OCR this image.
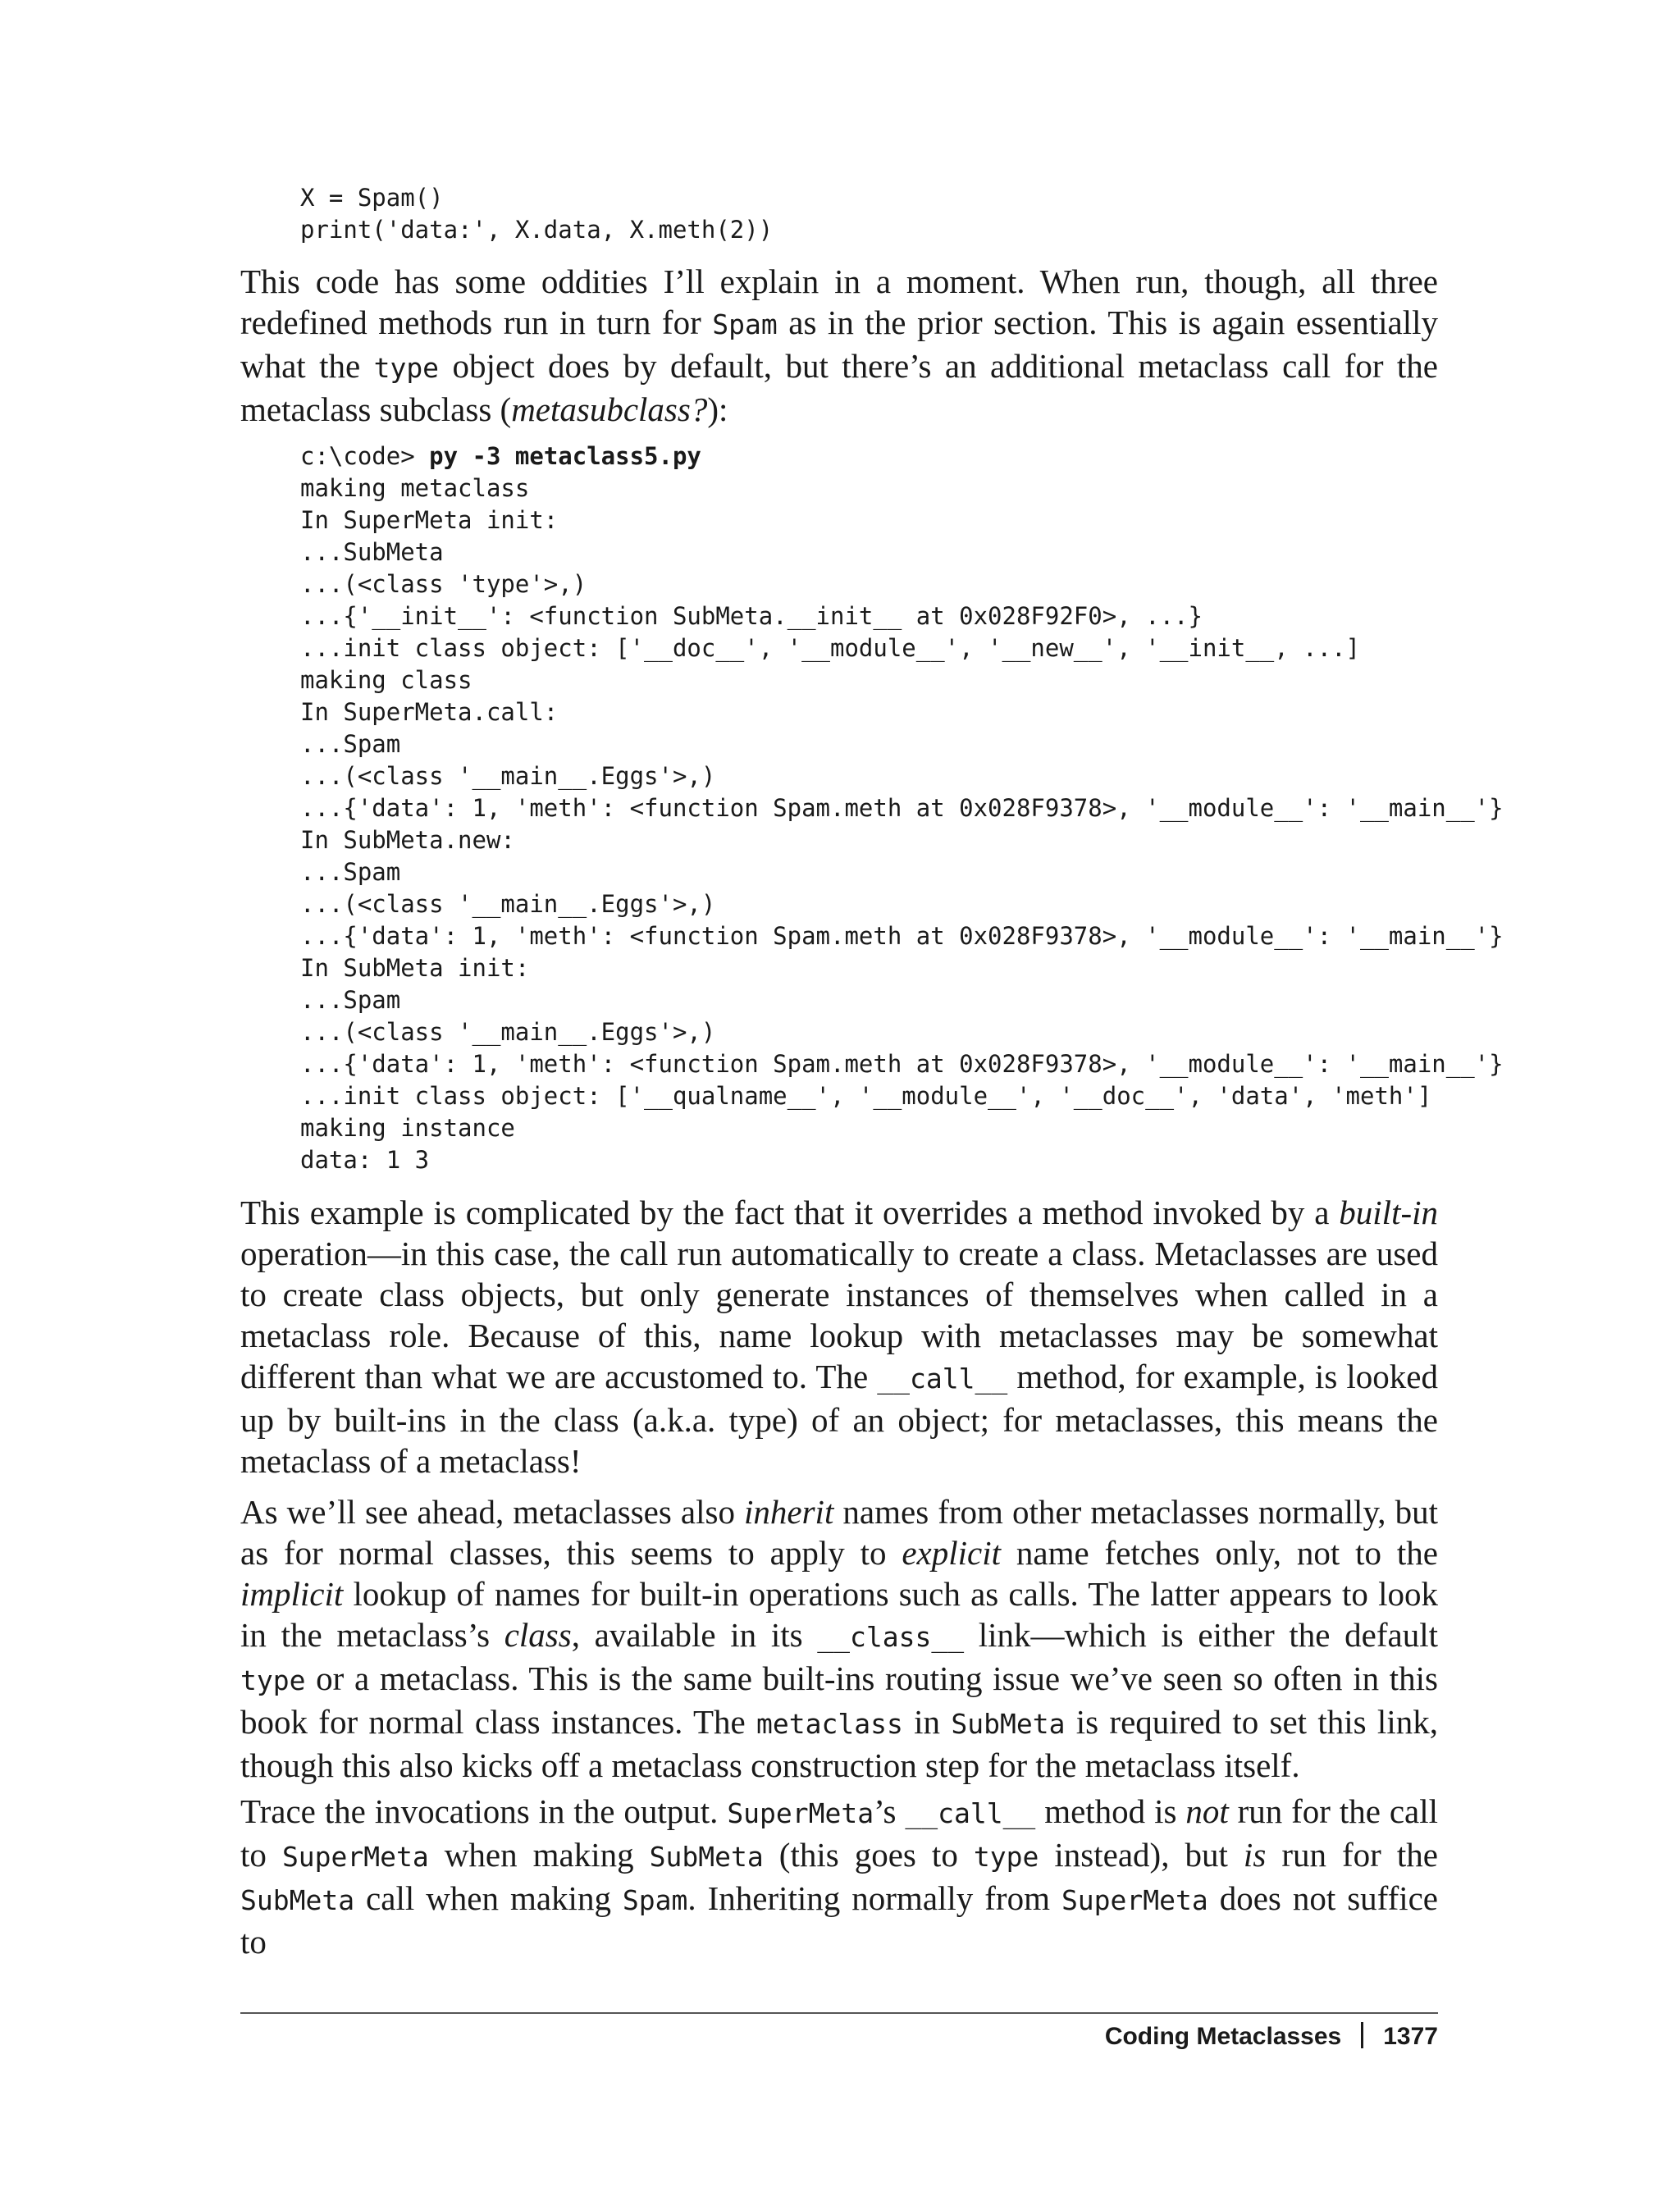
X = Spam()
print('data:', X.data, X.meth(2))

This code has some oddities I’ll explain in a moment. When run, though, all three redefined methods run in turn for Spam as in the prior section. This is again essentially what the type object does by default, but there’s an additional metaclass call for the metaclass subclass (metasubclass?):

c:\code> py -3 metaclass5.py
making metaclass
In SuperMeta init:
...SubMeta
...(<class 'type'>,)
...{'__init__': <function SubMeta.__init__ at 0x028F92F0>, ...}
...init class object: ['__doc__', '__module__', '__new__', '__init__, ...]
making class
In SuperMeta.call:
...Spam
...(<class '__main__.Eggs'>,)
...{'data': 1, 'meth': <function Spam.meth at 0x028F9378>, '__module__': '__main__'}
In SubMeta.new:
...Spam
...(<class '__main__.Eggs'>,)
...{'data': 1, 'meth': <function Spam.meth at 0x028F9378>, '__module__': '__main__'}
In SubMeta init:
...Spam
...(<class '__main__.Eggs'>,)
...{'data': 1, 'meth': <function Spam.meth at 0x028F9378>, '__module__': '__main__'}
...init class object: ['__qualname__', '__module__', '__doc__', 'data', 'meth']
making instance
data: 1 3

This example is complicated by the fact that it overrides a method invoked by a built-in operation—in this case, the call run automatically to create a class. Metaclasses are used to create class objects, but only generate instances of themselves when called in a metaclass role. Because of this, name lookup with metaclasses may be somewhat different than what we are accustomed to. The __call__ method, for example, is looked up by built-ins in the class (a.k.a. type) of an object; for metaclasses, this means the metaclass of a metaclass!

As we’ll see ahead, metaclasses also inherit names from other metaclasses normally, but as for normal classes, this seems to apply to explicit name fetches only, not to the implicit lookup of names for built-in operations such as calls. The latter appears to look in the metaclass’s class, available in its __class__ link—which is either the default type or a metaclass. This is the same built-ins routing issue we’ve seen so often in this book for normal class instances. The metaclass in SubMeta is required to set this link, though this also kicks off a metaclass construction step for the metaclass itself.

Trace the invocations in the output. SuperMeta’s __call__ method is not run for the call to SuperMeta when making SubMeta (this goes to type instead), but is run for the SubMeta call when making Spam. Inheriting normally from SuperMeta does not suffice to

Coding Metaclasses 1377
